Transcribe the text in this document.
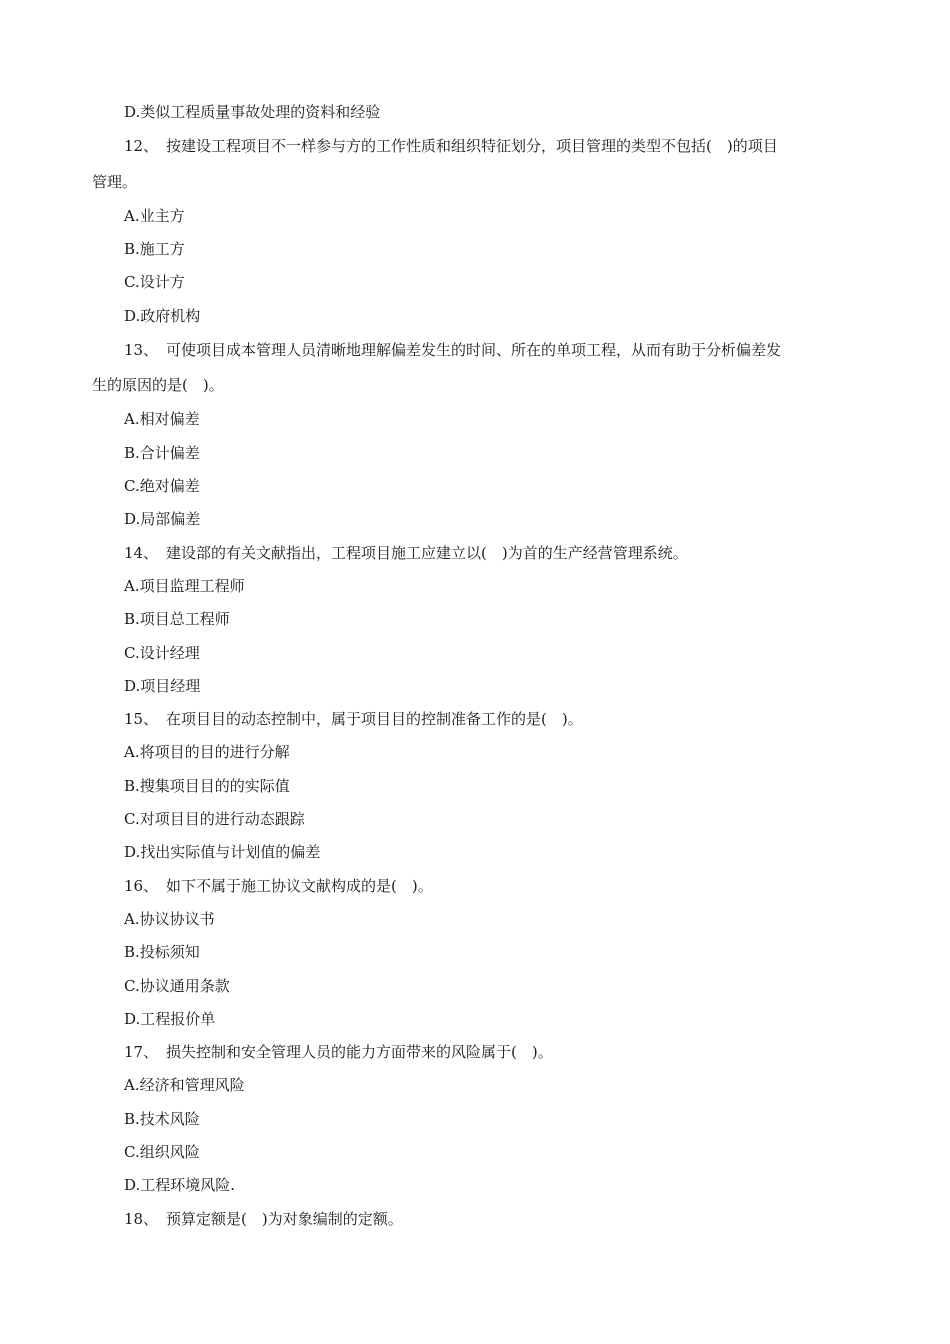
D.类似工程质量事故处理的资料和经验
12、 按建设工程项目不一样参与方的工作性质和组织特征划分，项目管理的类型不包括(　)的项目
管理。
A.业主方
B.施工方
C.设计方
D.政府机构
13、 可使项目成本管理人员清晰地理解偏差发生的时间、所在的单项工程，从而有助于分析偏差发
生的原因的是(　)。
A.相对偏差
B.合计偏差
C.绝对偏差
D.局部偏差
14、 建设部的有关文献指出，工程项目施工应建立以(　)为首的生产经营管理系统。
A.项目监理工程师
B.项目总工程师
C.设计经理
D.项目经理
15、 在项目目的动态控制中，属于项目目的控制准备工作的是(　)。
A.将项目的目的进行分解
B.搜集项目目的的实际值
C.对项目目的进行动态跟踪
D.找出实际值与计划值的偏差
16、 如下不属于施工协议文献构成的是(　)。
A.协议协议书
B.投标须知
C.协议通用条款
D.工程报价单
17、 损失控制和安全管理人员的能力方面带来的风险属于(　)。
A.经济和管理风险
B.技术风险
C.组织风险
D.工程环境风险.
18、 预算定额是(　)为对象编制的定额。
